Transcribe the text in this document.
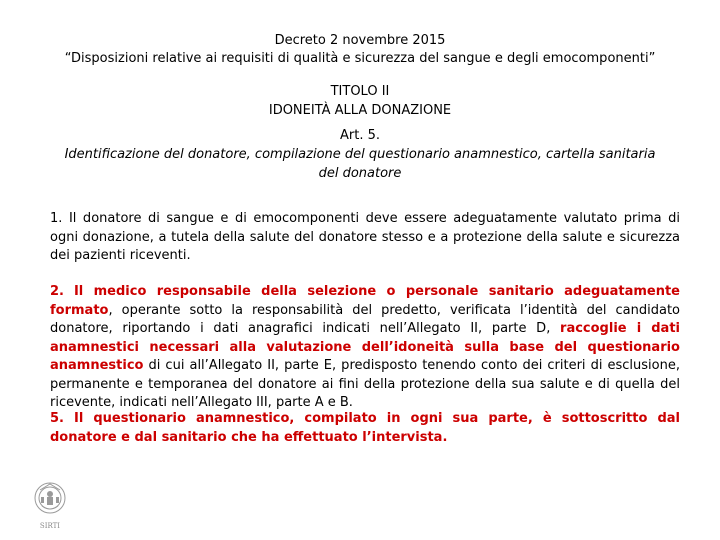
Decreto 2 novembre 2015
“Disposizioni relative ai requisiti di qualità e sicurezza del sangue e degli emocomponenti”
TITOLO II
IDONEITÀ ALLA DONAZIONE
Art. 5.
Identificazione del donatore, compilazione del questionario anamnestico, cartella sanitaria del donatore
1. Il donatore di sangue e di emocomponenti deve essere adeguatamente valutato prima di ogni donazione, a tutela della salute del donatore stesso e a protezione della salute e sicurezza dei pazienti riceventi.
2. Il medico responsabile della selezione o personale sanitario adeguatamente formato, operante sotto la responsabilità del predetto, verificata l’identità del candidato donatore, riportando i dati anagrafici indicati nell’Allegato II, parte D, raccoglie i dati anamnestici necessari alla valutazione dell’idoneità sulla base del questionario anamnestico di cui all’Allegato II, parte E, predisposto tenendo conto dei criteri di esclusione, permanente e temporanea del donatore ai fini della protezione della sua salute e di quella del ricevente, indicati nell’Allegato III, parte A e B.
5. Il questionario anamnestico, compilato in ogni sua parte, è sottoscritto dal donatore e dal sanitario che ha effettuato l’intervista.
SIRTI
